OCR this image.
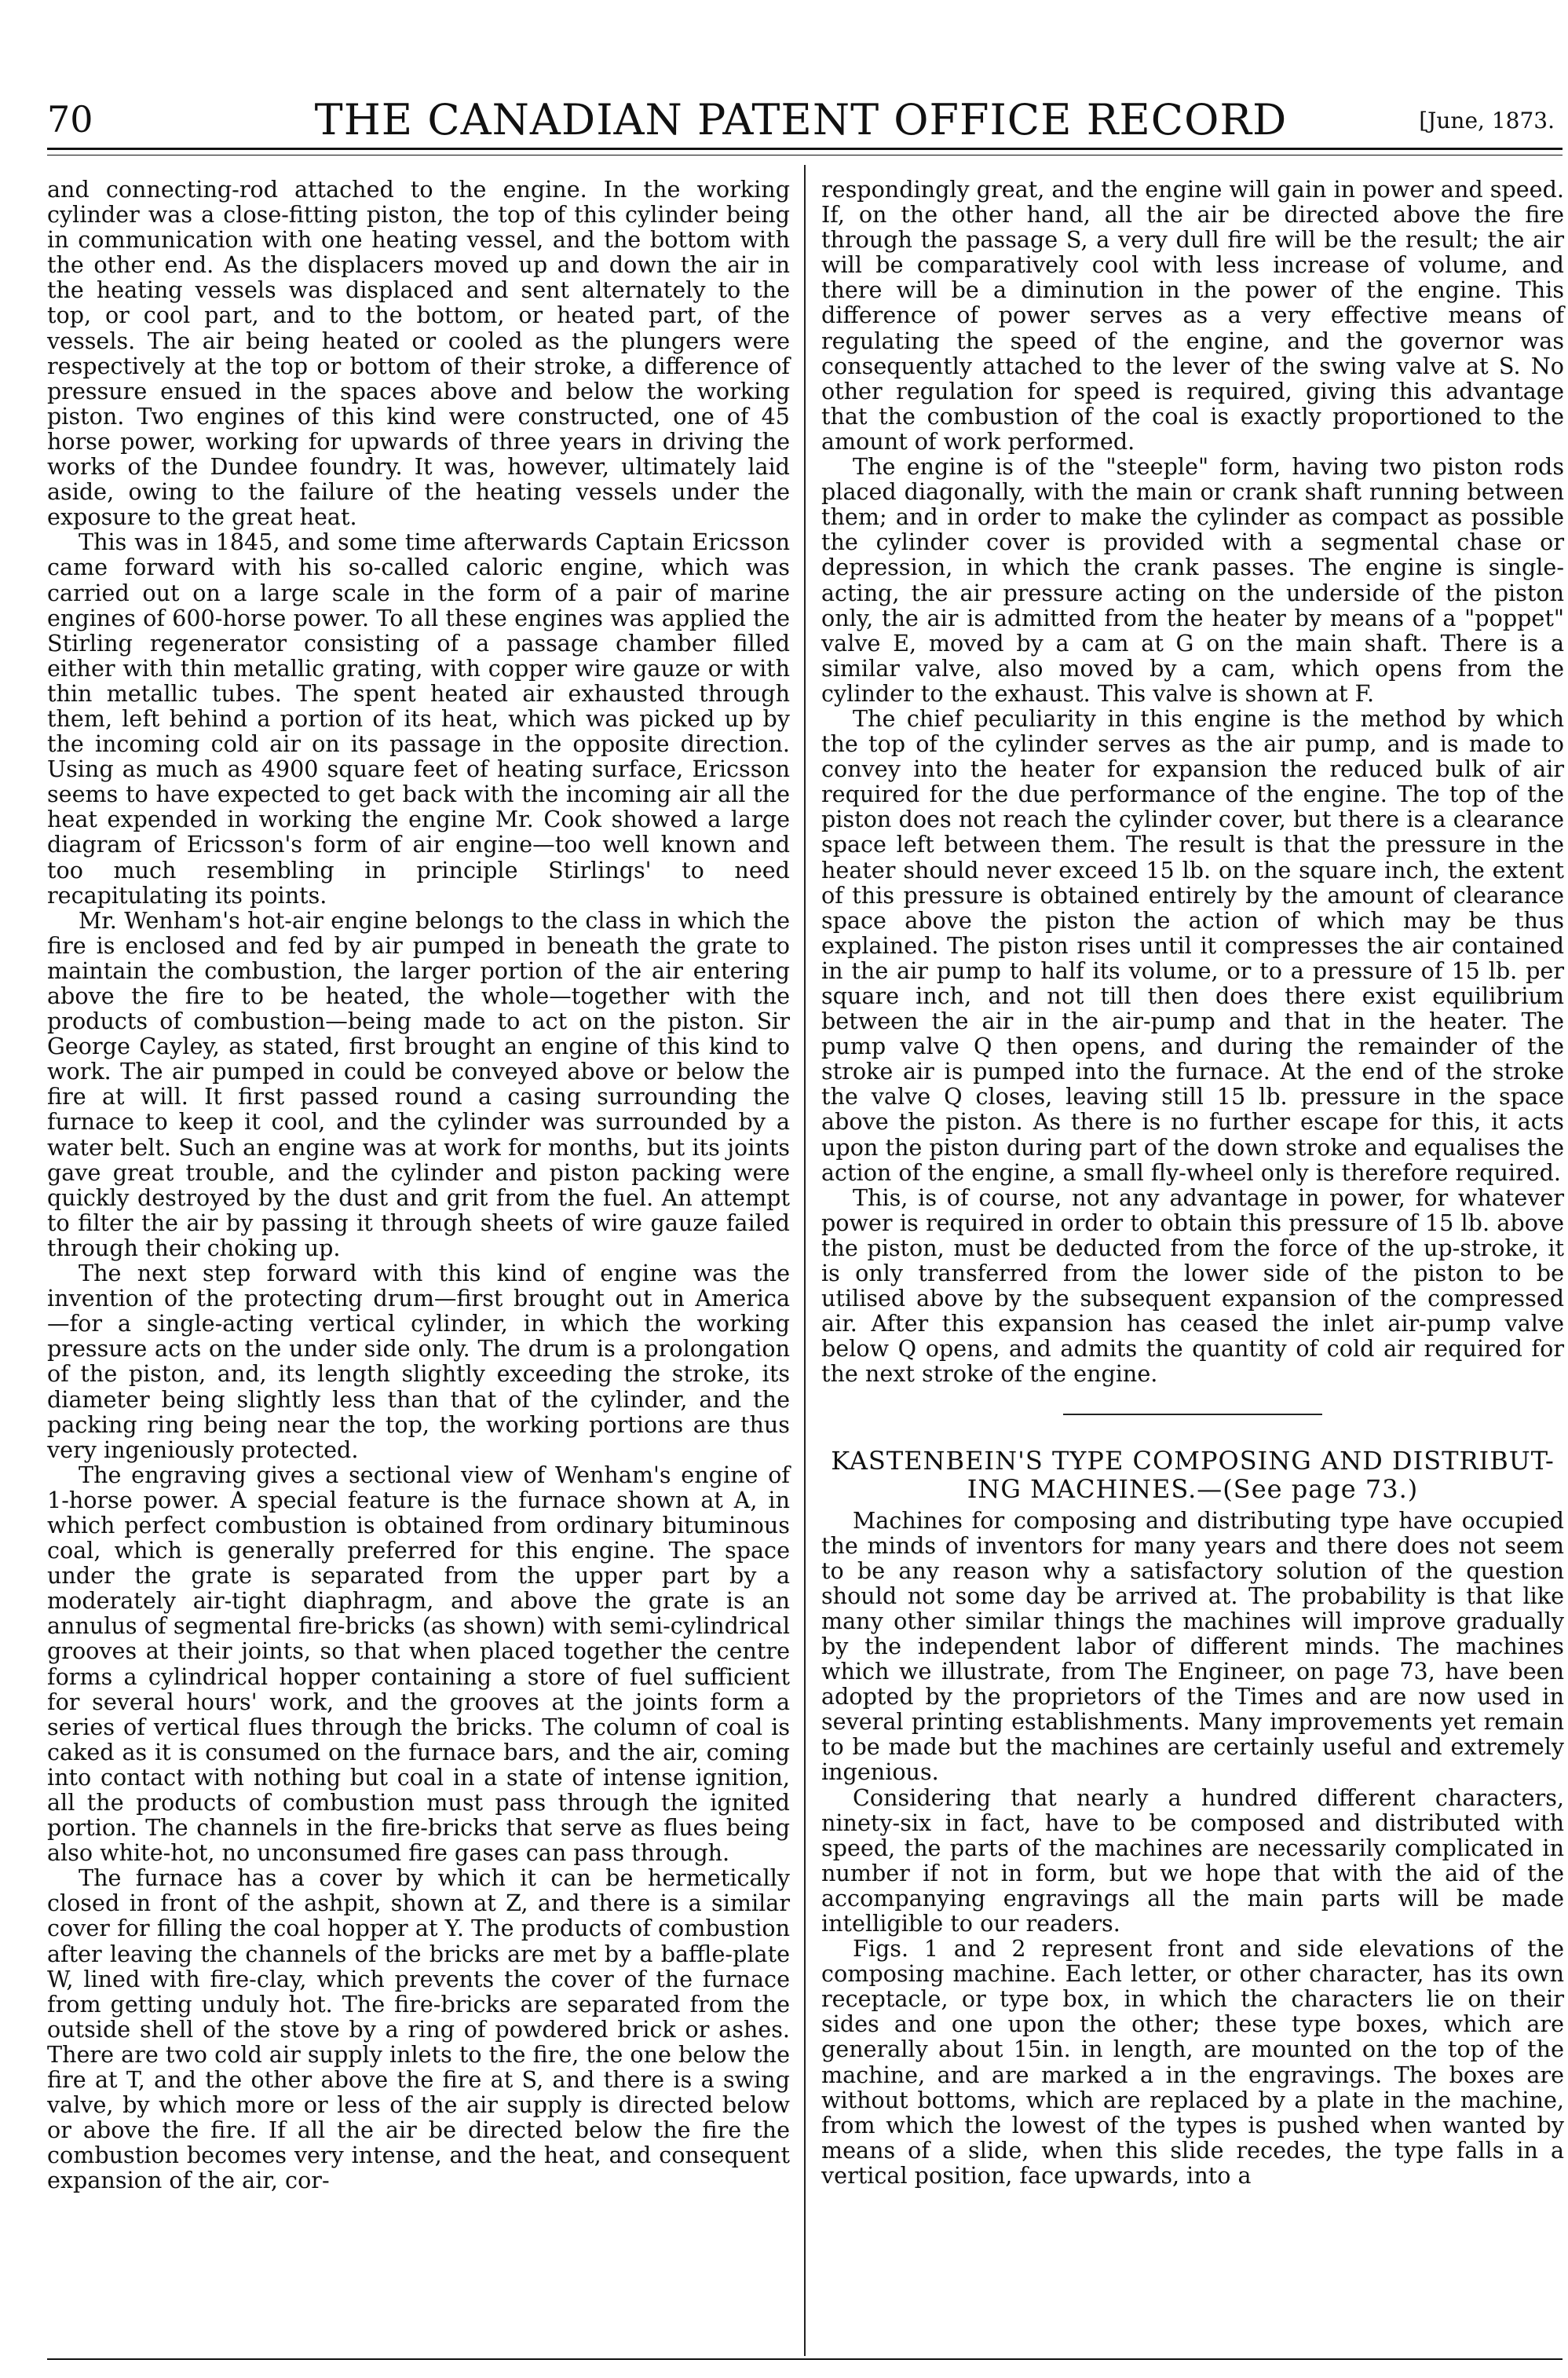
70	THE CANADIAN PATENT OFFICE RECORD	[June, 1873.

and connecting-rod attached to the engine. In the working cylinder was a close-fitting piston, the top of this cylinder being in communication with one heating vessel, and the bottom with the other end. As the displacers moved up and down the air in the heating vessels was displaced and sent alternately to the top, or cool part, and to the bottom, or heated part, of the vessels. The air being heated or cooled as the plungers were respectively at the top or bottom of their stroke, a difference of pressure ensued in the spaces above and below the working piston. Two engines of this kind were constructed, one of 45 horse power, working for upwards of three years in driving the works of the Dundee foundry. It was, however, ultimately laid aside, owing to the failure of the heating vessels under the exposure to the great heat.

This was in 1845, and some time afterwards Captain Ericsson came forward with his so-called caloric engine, which was carried out on a large scale in the form of a pair of marine engines of 600-horse power. To all these engines was applied the Stirling regenerator consisting of a passage chamber filled either with thin metallic grating, with copper wire gauze or with thin metallic tubes. The spent heated air exhausted through them, left behind a portion of its heat, which was picked up by the incoming cold air on its passage in the opposite direction. Using as much as 4900 square feet of heating surface, Ericsson seems to have expected to get back with the incoming air all the heat expended in working the engine Mr. Cook showed a large diagram of Ericsson's form of air engine—too well known and too much resembling in principle Stirlings' to need recapitulating its points.

Mr. Wenham's hot-air engine belongs to the class in which the fire is enclosed and fed by air pumped in beneath the grate to maintain the combustion, the larger portion of the air entering above the fire to be heated, the whole—together with the products of combustion—being made to act on the piston. Sir George Cayley, as stated, first brought an engine of this kind to work. The air pumped in could be conveyed above or below the fire at will. It first passed round a casing surrounding the furnace to keep it cool, and the cylinder was surrounded by a water belt. Such an engine was at work for months, but its joints gave great trouble, and the cylinder and piston packing were quickly destroyed by the dust and grit from the fuel. An attempt to filter the air by passing it through sheets of wire gauze failed through their choking up.

The next step forward with this kind of engine was the invention of the protecting drum—first brought out in America —for a single-acting vertical cylinder, in which the working pressure acts on the under side only. The drum is a prolongation of the piston, and, its length slightly exceeding the stroke, its diameter being slightly less than that of the cylinder, and the packing ring being near the top, the working portions are thus very ingeniously protected.

The engraving gives a sectional view of Wenham's engine of 1-horse power. A special feature is the furnace shown at A, in which perfect combustion is obtained from ordinary bituminous coal, which is generally preferred for this engine. The space under the grate is separated from the upper part by a moderately air-tight diaphragm, and above the grate is an annulus of segmental fire-bricks (as shown) with semi-cylindrical grooves at their joints, so that when placed together the centre forms a cylindrical hopper containing a store of fuel sufficient for several hours' work, and the grooves at the joints form a series of vertical flues through the bricks. The column of coal is caked as it is consumed on the furnace bars, and the air, coming into contact with nothing but coal in a state of intense ignition, all the products of combustion must pass through the ignited portion. The channels in the fire-bricks that serve as flues being also white-hot, no unconsumed fire gases can pass through.

The furnace has a cover by which it can be hermetically closed in front of the ashpit, shown at Z, and there is a similar cover for filling the coal hopper at Y. The products of combustion after leaving the channels of the bricks are met by a baffle-plate W, lined with fire-clay, which prevents the cover of the furnace from getting unduly hot. The fire-bricks are separated from the outside shell of the stove by a ring of powdered brick or ashes. There are two cold air supply inlets to the fire, the one below the fire at T, and the other above the fire at S, and there is a swing valve, by which more or less of the air supply is directed below or above the fire. If all the air be directed below the fire the combustion becomes very intense, and the heat, and consequent expansion of the air, cor-

respondingly great, and the engine will gain in power and speed. If, on the other hand, all the air be directed above the fire through the passage S, a very dull fire will be the result; the air will be comparatively cool with less increase of volume, and there will be a diminution in the power of the engine. This difference of power serves as a very effective means of regulating the speed of the engine, and the governor was consequently attached to the lever of the swing valve at S. No other regulation for speed is required, giving this advantage that the combustion of the coal is exactly proportioned to the amount of work performed.

The engine is of the "steeple" form, having two piston rods placed diagonally, with the main or crank shaft running between them; and in order to make the cylinder as compact as possible the cylinder cover is provided with a segmental chase or depression, in which the crank passes. The engine is single-acting, the air pressure acting on the underside of the piston only, the air is admitted from the heater by means of a "poppet" valve E, moved by a cam at G on the main shaft. There is a similar valve, also moved by a cam, which opens from the cylinder to the exhaust. This valve is shown at F.

The chief peculiarity in this engine is the method by which the top of the cylinder serves as the air pump, and is made to convey into the heater for expansion the reduced bulk of air required for the due performance of the engine. The top of the piston does not reach the cylinder cover, but there is a clearance space left between them. The result is that the pressure in the heater should never exceed 15 lb. on the square inch, the extent of this pressure is obtained entirely by the amount of clearance space above the piston the action of which may be thus explained. The piston rises until it compresses the air contained in the air pump to half its volume, or to a pressure of 15 lb. per square inch, and not till then does there exist equilibrium between the air in the air-pump and that in the heater. The pump valve Q then opens, and during the remainder of the stroke air is pumped into the furnace. At the end of the stroke the valve Q closes, leaving still 15 lb. pressure in the space above the piston. As there is no further escape for this, it acts upon the piston during part of the down stroke and equalises the action of the engine, a small fly-wheel only is therefore required.

This, is of course, not any advantage in power, for whatever power is required in order to obtain this pressure of 15 lb. above the piston, must be deducted from the force of the up-stroke, it is only transferred from the lower side of the piston to be utilised above by the subsequent expansion of the compressed air. After this expansion has ceased the inlet air-pump valve below Q opens, and admits the quantity of cold air required for the next stroke of the engine.

KASTENBEIN'S TYPE COMPOSING AND DISTRIBUT-
ING MACHINES.—(See page 73.)

Machines for composing and distributing type have occupied the minds of inventors for many years and there does not seem to be any reason why a satisfactory solution of the question should not some day be arrived at. The probability is that like many other similar things the machines will improve gradually by the independent labor of different minds. The machines which we illustrate, from The Engineer, on page 73, have been adopted by the proprietors of the Times and are now used in several printing establishments. Many improvements yet remain to be made but the machines are certainly useful and extremely ingenious.

Considering that nearly a hundred different characters, ninety-six in fact, have to be composed and distributed with speed, the parts of the machines are necessarily complicated in number if not in form, but we hope that with the aid of the accompanying engravings all the main parts will be made intelligible to our readers.

Figs. 1 and 2 represent front and side elevations of the composing machine. Each letter, or other character, has its own receptacle, or type box, in which the characters lie on their sides and one upon the other; these type boxes, which are generally about 15in. in length, are mounted on the top of the machine, and are marked a in the engravings. The boxes are without bottoms, which are replaced by a plate in the machine, from which the lowest of the types is pushed when wanted by means of a slide, when this slide recedes, the type falls in a vertical position, face upwards, into a
